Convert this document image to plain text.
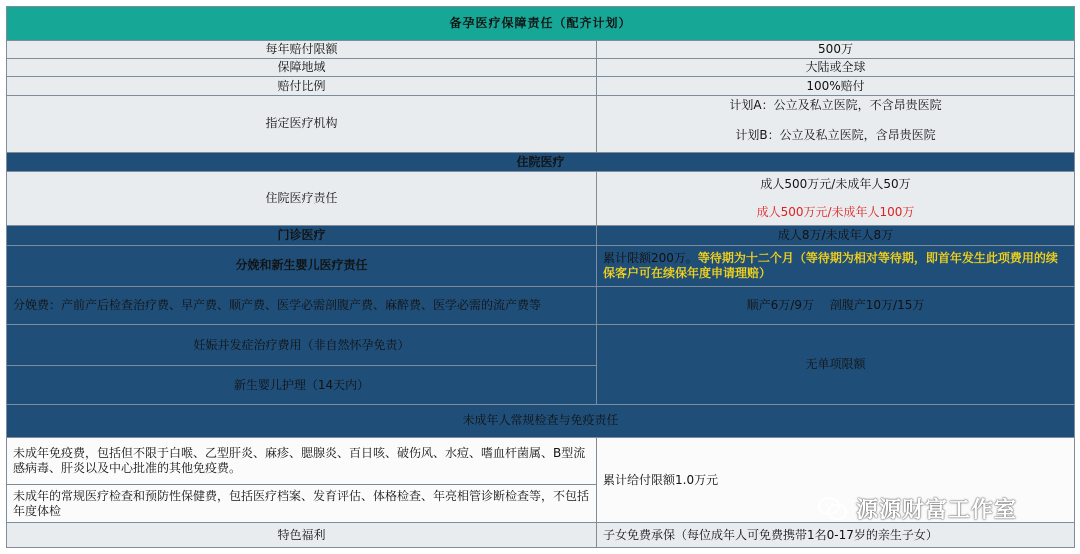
备孕医疗保障责任（配齐计划）	
每年赔付限额	500万
保障地域	大陆或全球
赔付比例	100%赔付
指定医疗机构	计划A：公立及私立医院，不含昂贵医院
计划B：公立及私立医院，含昂贵医院
住院医疗	
住院医疗责任	成人500万元/未成年人50万
成人500万元/未成年人100万
门诊医疗	成人8万/未成年人8万
分娩和新生婴儿医疗责任	累计限额200万。等待期为十二个月（等待期为相对等待期，即首年发生此项费用的续保客户可在续保年度申请理赔）
分娩费：产前产后检查治疗费、早产费、顺产费、医学必需剖腹产费、麻醉费、医学必需的流产费等	顺产6万/9万　 剖腹产10万/15万
妊娠并发症治疗费用（非自然怀孕免责）	无单项限额
新生婴儿护理（14天内）	
未成年人常规检查与免疫责任	
未成年免疫费，包括但不限于白喉、乙型肝炎、麻疹、腮腺炎、百日咳、破伤风、水痘、嗜血杆菌属、B型流感病毒、肝炎以及中心批准的其他免疫费。	累计给付限额1.0万元
未成年的常规医疗检查和预防性保健费，包括医疗档案、发育评估、体格检查、年亮相管诊断检查等，不包括年度体检	
特色福利	子女免费承保（每位成年人可免费携带1名0-17岁的亲生子女）
源源财富工作室
